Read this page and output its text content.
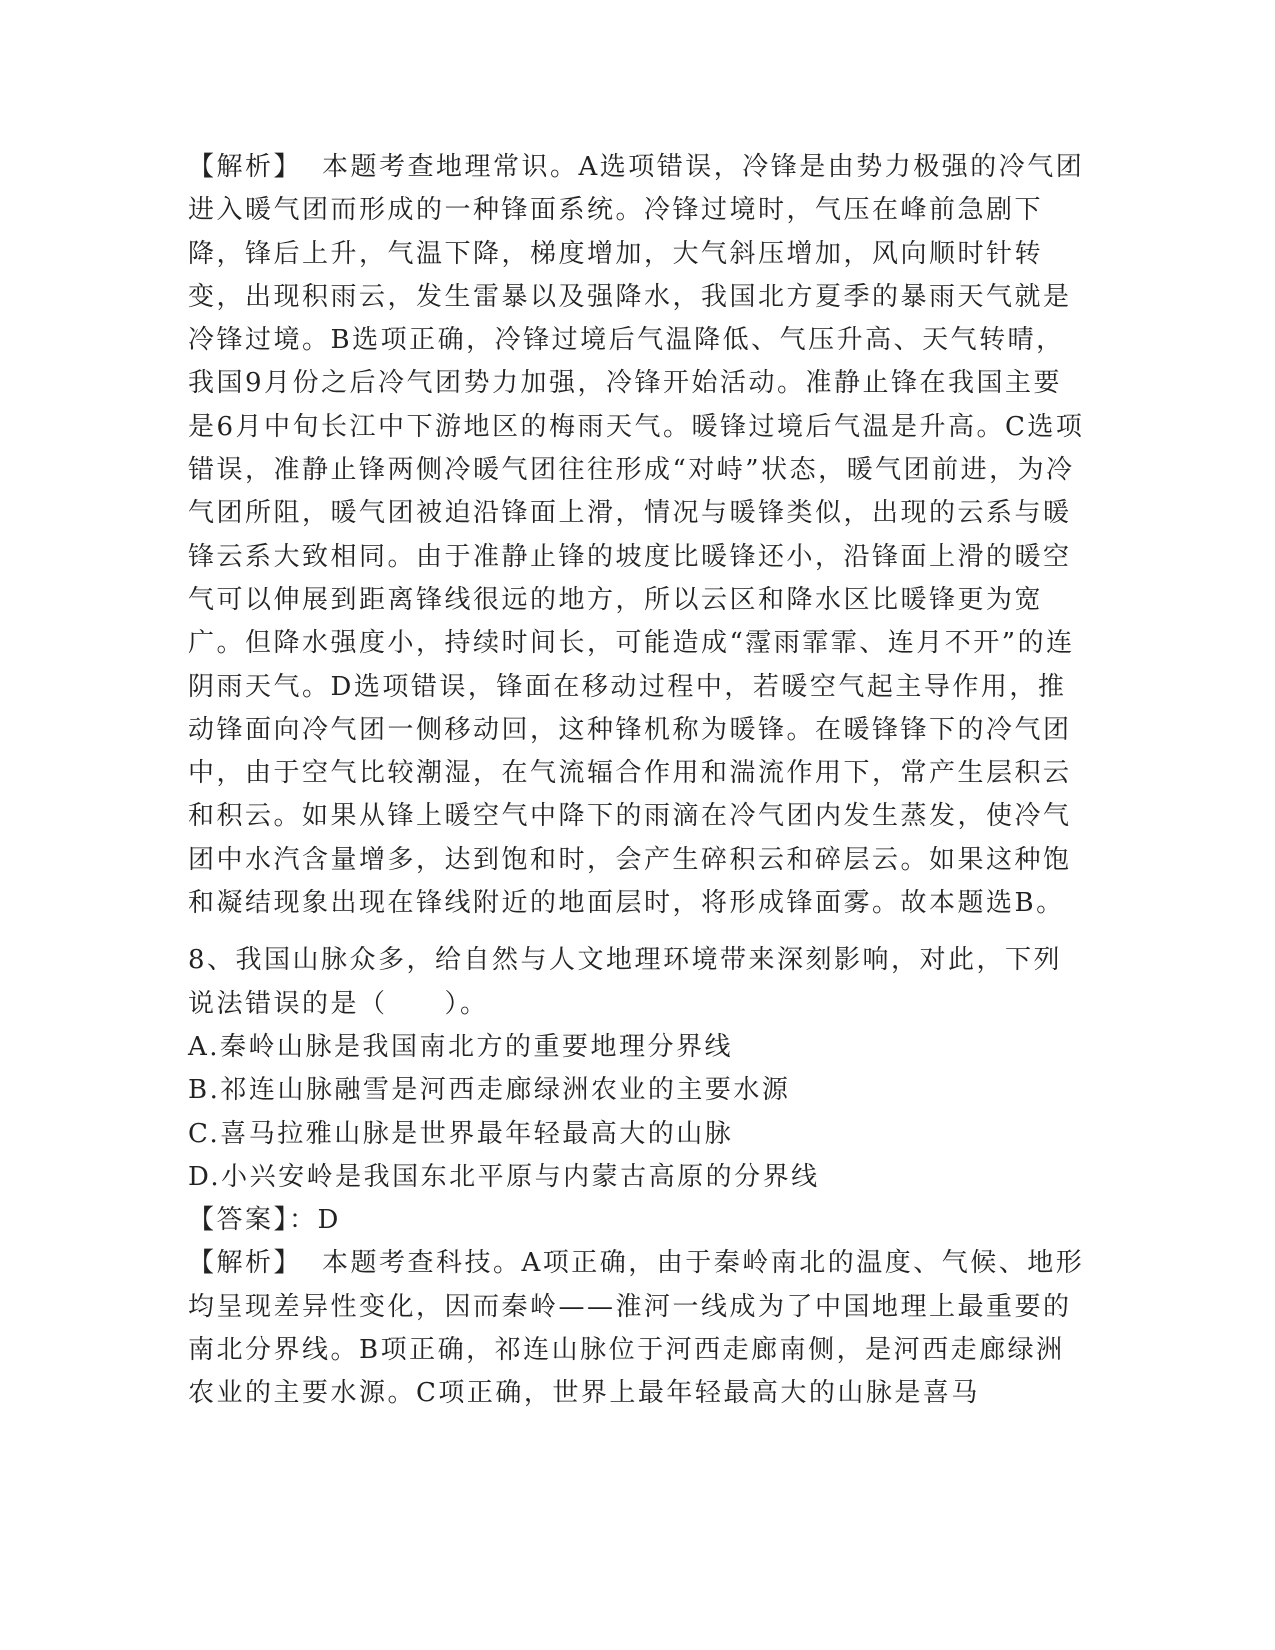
【解析】 本题考查地理常识。A选项错误，冷锋是由势力极强的冷气团进入暖气团而形成的一种锋面系统。冷锋过境时，气压在峰前急剧下降，锋后上升，气温下降，梯度增加，大气斜压增加，风向顺时针转变，出现积雨云，发生雷暴以及强降水，我国北方夏季的暴雨天气就是冷锋过境。B选项正确，冷锋过境后气温降低、气压升高、天气转晴，我国9月份之后冷气团势力加强，冷锋开始活动。准静止锋在我国主要是6月中旬长江中下游地区的梅雨天气。暖锋过境后气温是升高。C选项错误，准静止锋两侧冷暖气团往往形成“对峙”状态，暖气团前进，为冷气团所阻，暖气团被迫沿锋面上滑，情况与暖锋类似，出现的云系与暖锋云系大致相同。由于准静止锋的坡度比暖锋还小，沿锋面上滑的暖空气可以伸展到距离锋线很远的地方，所以云区和降水区比暖锋更为宽广。但降水强度小，持续时间长，可能造成“霪雨霏霏、连月不开”的连阴雨天气。D选项错误，锋面在移动过程中，若暖空气起主导作用，推动锋面向冷气团一侧移动回，这种锋机称为暖锋。在暖锋锋下的冷气团中，由于空气比较潮湿，在气流辐合作用和湍流作用下，常产生层积云和积云。如果从锋上暖空气中降下的雨滴在冷气团内发生蒸发，使冷气团中水汽含量增多，达到饱和时，会产生碎积云和碎层云。如果这种饱和凝结现象出现在锋线附近的地面层时，将形成锋面雾。故本题选B。

8、我国山脉众多，给自然与人文地理环境带来深刻影响，对此，下列说法错误的是（　　）。

A.秦岭山脉是我国南北方的重要地理分界线

B.祁连山脉融雪是河西走廊绿洲农业的主要水源

C.喜马拉雅山脉是世界最年轻最高大的山脉

D.小兴安岭是我国东北平原与内蒙古高原的分界线

【答案】：D

【解析】 本题考查科技。A项正确，由于秦岭南北的温度、气候、地形均呈现差异性变化，因而秦岭——淮河一线成为了中国地理上最重要的南北分界线。B项正确，祁连山脉位于河西走廊南侧，是河西走廊绿洲农业的主要水源。C项正确，世界上最年轻最高大的山脉是喜马
